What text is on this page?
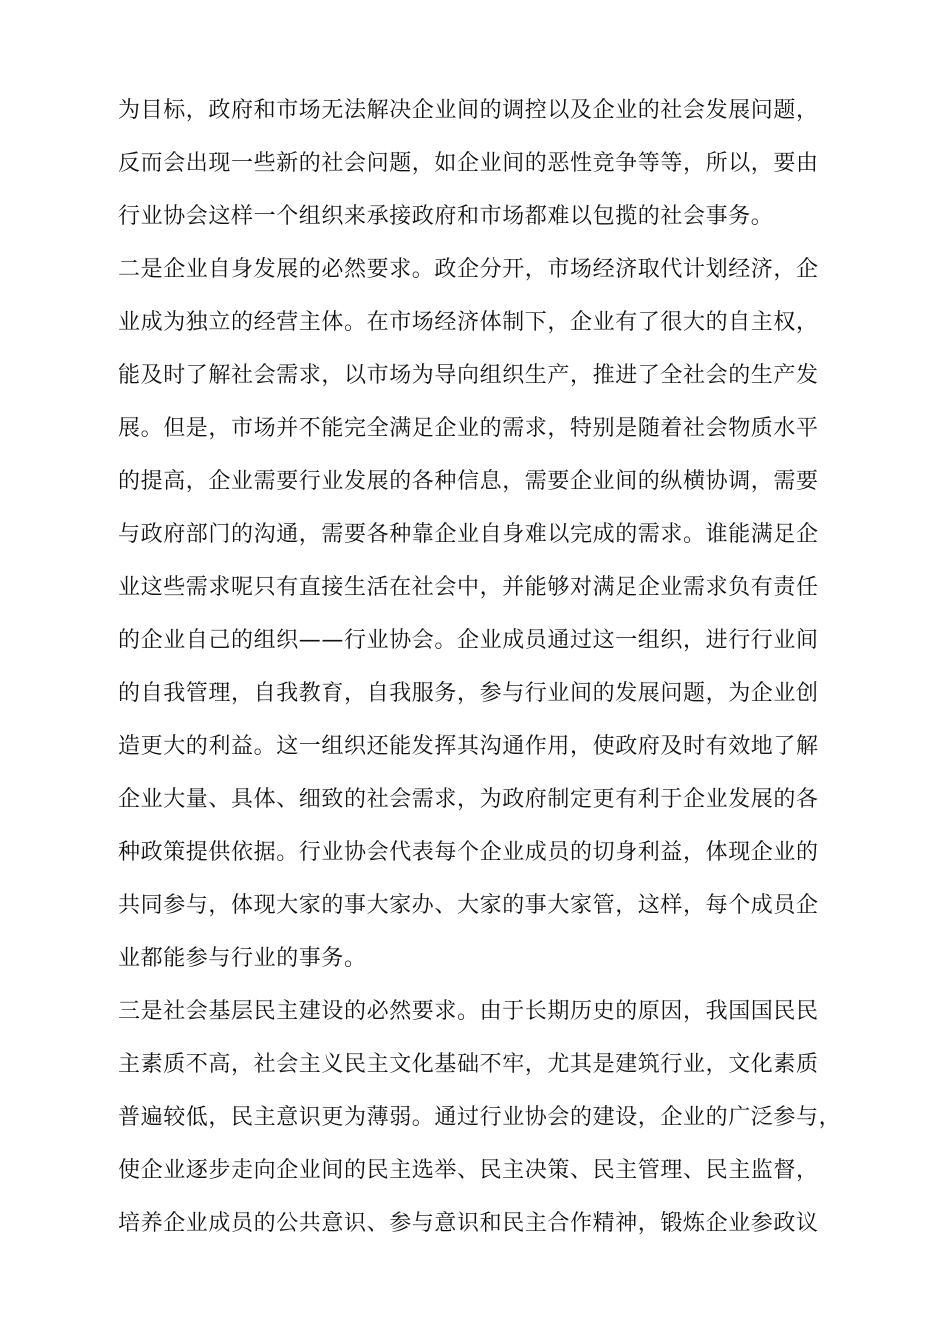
为目标，政府和市场无法解决企业间的调控以及企业的社会发展问题，
反而会出现一些新的社会问题，如企业间的恶性竞争等等，所以，要由
行业协会这样一个组织来承接政府和市场都难以包揽的社会事务。
二是企业自身发展的必然要求。政企分开，市场经济取代计划经济，企
业成为独立的经营主体。在市场经济体制下，企业有了很大的自主权，
能及时了解社会需求，以市场为导向组织生产，推进了全社会的生产发
展。但是，市场并不能完全满足企业的需求，特别是随着社会物质水平
的提高，企业需要行业发展的各种信息，需要企业间的纵横协调，需要
与政府部门的沟通，需要各种靠企业自身难以完成的需求。谁能满足企
业这些需求呢只有直接生活在社会中，并能够对满足企业需求负有责任
的企业自己的组织——行业协会。企业成员通过这一组织，进行行业间
的自我管理，自我教育，自我服务，参与行业间的发展问题，为企业创
造更大的利益。这一组织还能发挥其沟通作用，使政府及时有效地了解
企业大量、具体、细致的社会需求，为政府制定更有利于企业发展的各
种政策提供依据。行业协会代表每个企业成员的切身利益，体现企业的
共同参与，体现大家的事大家办、大家的事大家管，这样，每个成员企
业都能参与行业的事务。
三是社会基层民主建设的必然要求。由于长期历史的原因，我国国民民
主素质不高，社会主义民主文化基础不牢，尤其是建筑行业，文化素质
普遍较低，民主意识更为薄弱。通过行业协会的建设，企业的广泛参与，
使企业逐步走向企业间的民主选举、民主决策、民主管理、民主监督，
培养企业成员的公共意识、参与意识和民主合作精神，锻炼企业参政议
